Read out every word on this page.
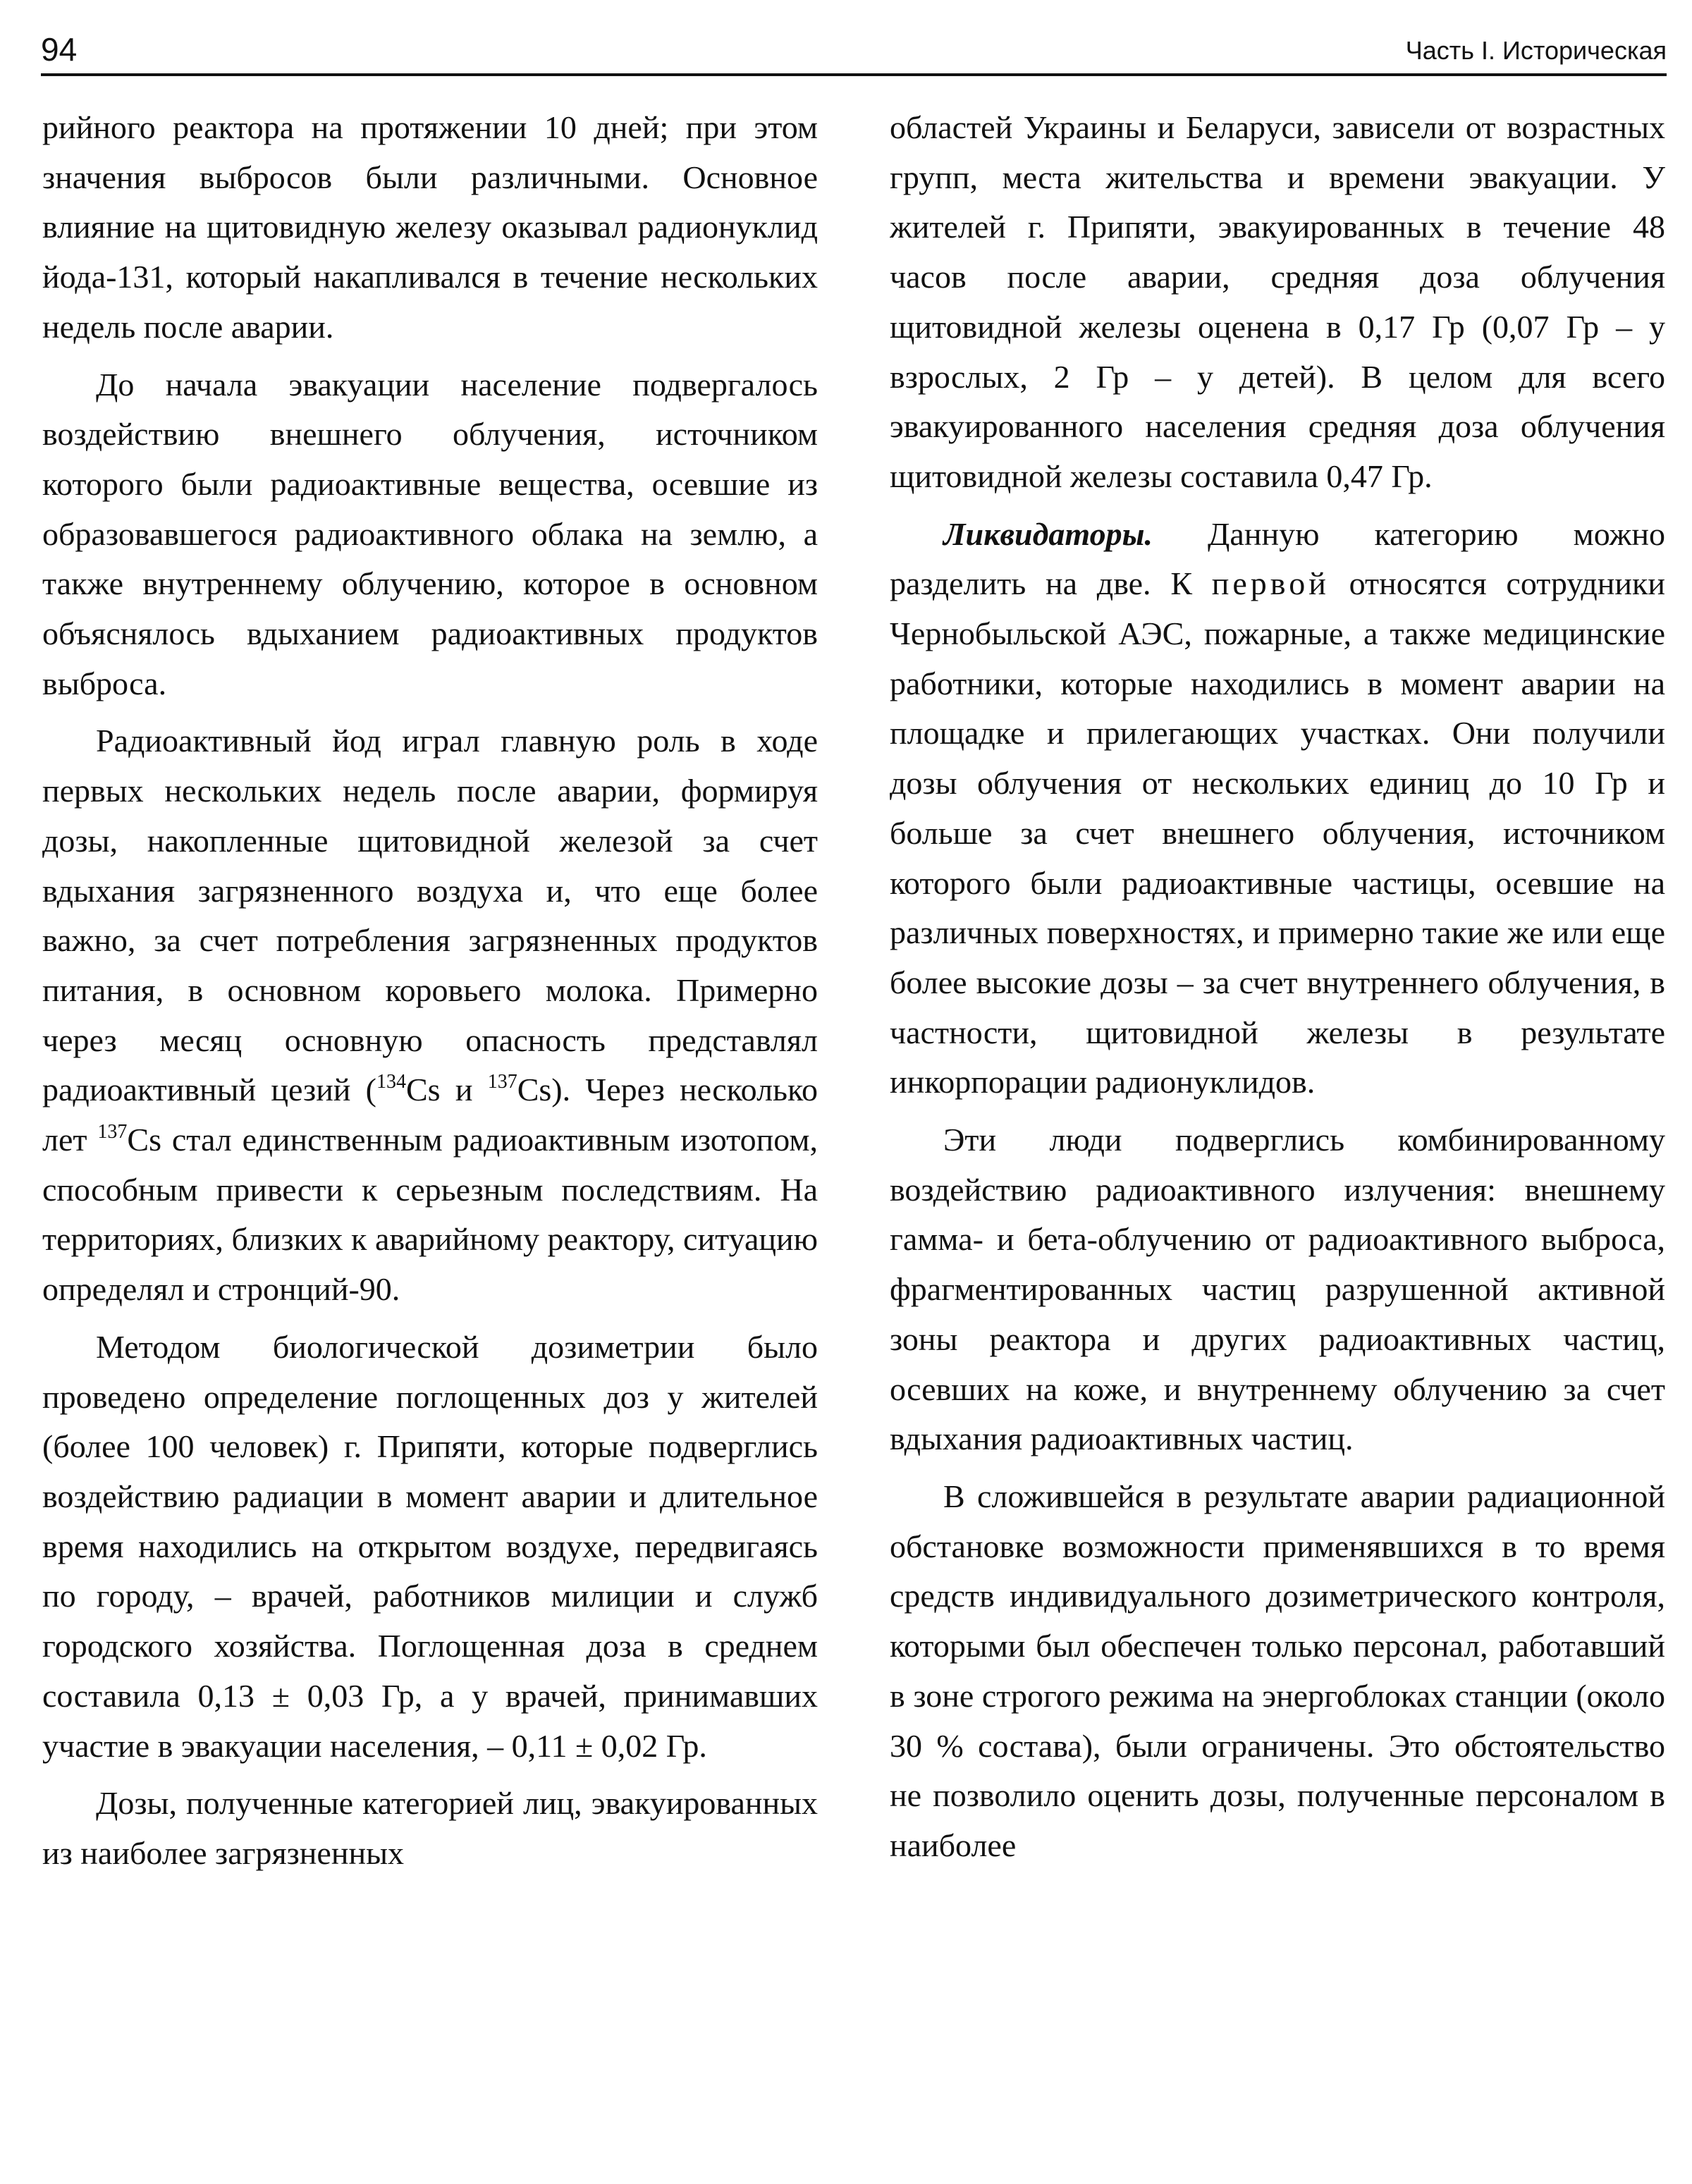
94	Часть I. Историческая

рийного реактора на протяжении 10 дней; при этом значения выбросов были различными. Основное влияние на щитовидную железу оказывал радионуклид йода-131, который накапливался в течение нескольких недель после аварии.

До начала эвакуации население подвергалось воздействию внешнего облучения, источником которого были радиоактивные вещества, осевшие из образовавшегося радиоактивного облака на землю, а также внутреннему облучению, которое в основном объяснялось вдыханием радиоактивных продуктов выброса.

Радиоактивный йод играл главную роль в ходе первых нескольких недель после аварии, формируя дозы, накопленные щитовидной железой за счет вдыхания загрязненного воздуха и, что еще более важно, за счет потребления загрязненных продуктов питания, в основном коровьего молока. Примерно через месяц основную опасность представлял радиоактивный цезий ($^{134}$Cs и $^{137}$Cs). Через несколько лет $^{137}$Cs стал единственным радиоактивным изотопом, способным привести к серьезным последствиям. На территориях, близких к аварийному реактору, ситуацию определял и стронций-90.

Методом биологической дозиметрии было проведено определение поглощенных доз у жителей (более 100 человек) г. Припяти, которые подверглись воздействию радиации в момент аварии и длительное время находились на открытом воздухе, передвигаясь по городу, – врачей, работников милиции и служб городского хозяйства. Поглощенная доза в среднем составила 0,13 ± 0,03 Гр, а у врачей, принимавших участие в эвакуации населения, – 0,11 ± 0,02 Гр.

Дозы, полученные категорией лиц, эвакуированных из наиболее загрязненных

областей Украины и Беларуси, зависели от возрастных групп, места жительства и времени эвакуации. У жителей г. Припяти, эвакуированных в течение 48 часов после аварии, средняя доза облучения щитовидной железы оценена в 0,17 Гр (0,07 Гр – у взрослых, 2 Гр – у детей). В целом для всего эвакуированного населения средняя доза облучения щитовидной железы составила 0,47 Гр.

Ликвидаторы. Данную категорию можно разделить на две. К первой относятся сотрудники Чернобыльской АЭС, пожарные, а также медицинские работники, которые находились в момент аварии на площадке и прилегающих участках. Они получили дозы облучения от нескольких единиц до 10 Гр и больше за счет внешнего облучения, источником которого были радиоактивные частицы, осевшие на различных поверхностях, и примерно такие же или еще более высокие дозы – за счет внутреннего облучения, в частности, щитовидной железы в результате инкорпорации радионуклидов.

Эти люди подверглись комбинированному воздействию радиоактивного излучения: внешнему гамма- и бета-облучению от радиоактивного выброса, фрагментированных частиц разрушенной активной зоны реактора и других радиоактивных частиц, осевших на коже, и внутреннему облучению за счет вдыхания радиоактивных частиц.

В сложившейся в результате аварии радиационной обстановке возможности применявшихся в то время средств индивидуального дозиметрического контроля, которыми был обеспечен только персонал, работавший в зоне строгого режима на энергоблоках станции (около 30 % состава), были ограничены. Это обстоятельство не позволило оценить дозы, полученные персоналом в наиболее
